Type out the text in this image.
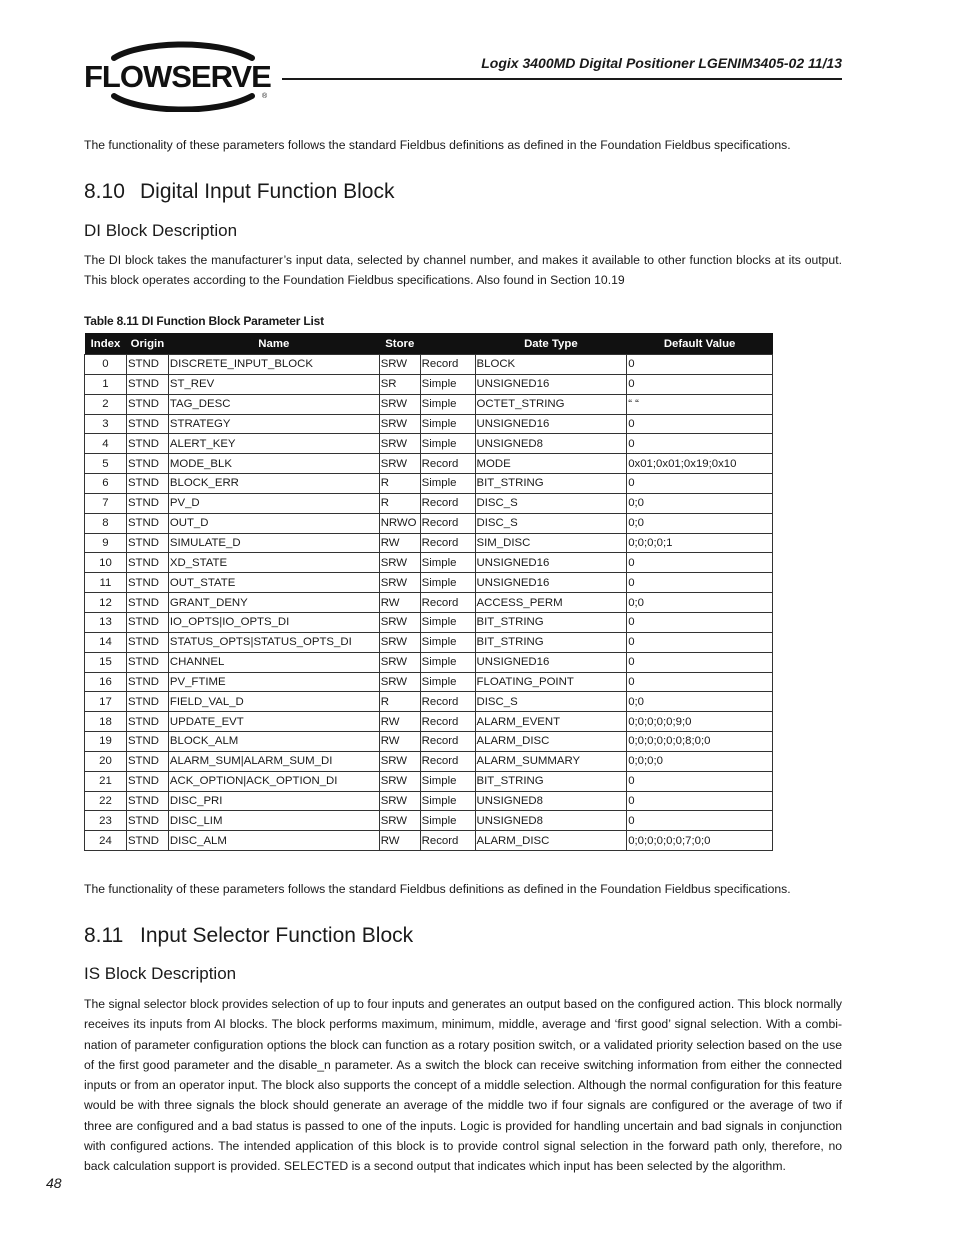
FLOWSERVE
®
Logix 3400MD Digital Positioner LGENIM3405-02 11/13
The functionality of these parameters follows the standard Fieldbus definitions as defined in the Foundation Fieldbus specifications.
8.10 Digital Input Function Block
DI Block Description
The DI block takes the manufacturer’s input data, selected by channel number, and makes it available to other function blocks at its output. This block operates according to the Foundation Fieldbus specifications. Also found in Section 10.19
Table 8.11 DI Function Block Parameter List
Index	Origin	Name	Store		Date Type	Default Value
0	STND	DISCRETE_INPUT_BLOCK	SRW	Record	BLOCK	0
1	STND	ST_REV	SR	Simple	UNSIGNED16	0
2	STND	TAG_DESC	SRW	Simple	OCTET_STRING	“ “
3	STND	STRATEGY	SRW	Simple	UNSIGNED16	0
4	STND	ALERT_KEY	SRW	Simple	UNSIGNED8	0
5	STND	MODE_BLK	SRW	Record	MODE	0x01;0x01;0x19;0x10
6	STND	BLOCK_ERR	R	Simple	BIT_STRING	0
7	STND	PV_D	R	Record	DISC_S	0;0
8	STND	OUT_D	NRWO	Record	DISC_S	0;0
9	STND	SIMULATE_D	RW	Record	SIM_DISC	0;0;0;0;1
10	STND	XD_STATE	SRW	Simple	UNSIGNED16	0
11	STND	OUT_STATE	SRW	Simple	UNSIGNED16	0
12	STND	GRANT_DENY	RW	Record	ACCESS_PERM	0;0
13	STND	IO_OPTS|IO_OPTS_DI	SRW	Simple	BIT_STRING	0
14	STND	STATUS_OPTS|STATUS_OPTS_DI	SRW	Simple	BIT_STRING	0
15	STND	CHANNEL	SRW	Simple	UNSIGNED16	0
16	STND	PV_FTIME	SRW	Simple	FLOATING_POINT	0
17	STND	FIELD_VAL_D	R	Record	DISC_S	0;0
18	STND	UPDATE_EVT	RW	Record	ALARM_EVENT	0;0;0;0;0;9;0
19	STND	BLOCK_ALM	RW	Record	ALARM_DISC	0;0;0;0;0;0;8;0;0
20	STND	ALARM_SUM|ALARM_SUM_DI	SRW	Record	ALARM_SUMMARY	0;0;0;0
21	STND	ACK_OPTION|ACK_OPTION_DI	SRW	Simple	BIT_STRING	0
22	STND	DISC_PRI	SRW	Simple	UNSIGNED8	0
23	STND	DISC_LIM	SRW	Simple	UNSIGNED8	0
24	STND	DISC_ALM	RW	Record	ALARM_DISC	0;0;0;0;0;0;7;0;0
The functionality of these parameters follows the standard Fieldbus definitions as defined in the Foundation Fieldbus specifications.
8.11 Input Selector Function Block
IS Block Description
The signal selector block provides selection of up to four inputs and generates an output based on the configured action. This block normally receives its inputs from AI blocks. The block performs maximum, minimum, middle, average and ‘first good’ signal selection. With a combi-nation of parameter configuration options the block can function as a rotary position switch, or a validated priority selection based on the use of the first good parameter and the disable_n parameter. As a switch the block can receive switching information from either the connected inputs or from an operator input. The block also supports the concept of a middle selection. Although the normal configuration for this feature would be with three signals the block should generate an average of the middle two if four signals are configured or the average of two if three are configured and a bad status is passed to one of the inputs. Logic is provided for handling uncertain and bad signals in conjunction with configured actions. The intended application of this block is to provide control signal selection in the forward path only, therefore, no back calculation support is provided. SELECTED is a second output that indicates which input has been selected by the algorithm.
48
